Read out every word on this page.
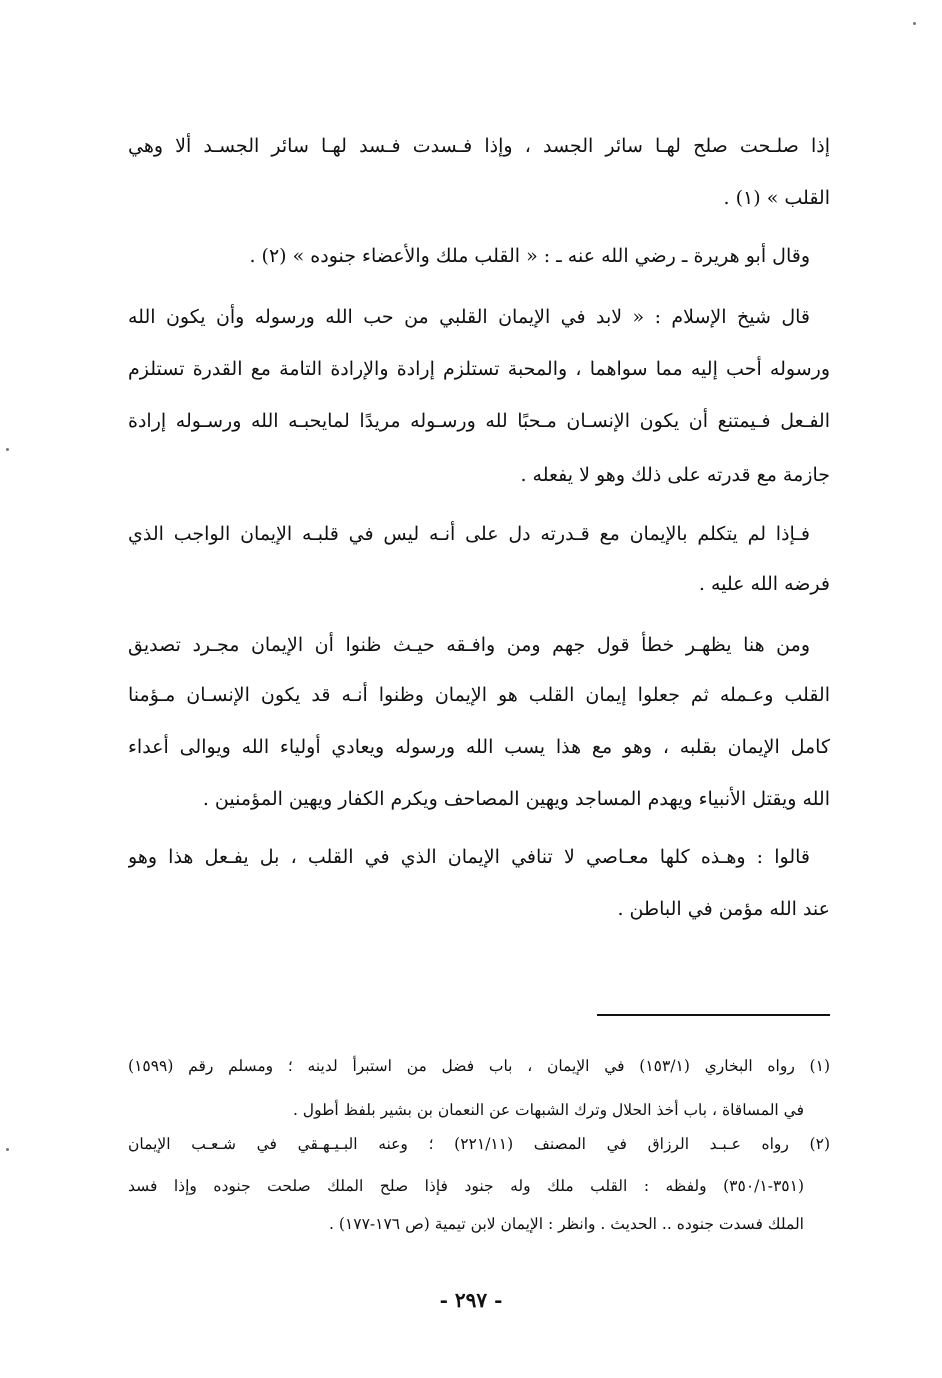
إذا صلـحت صلح لهـا سائر الجسد ، وإذا فـسدت فـسد لهـا سائر الجسـد ألا وهي
القلب » (١) .
وقال أبو هريرة ـ رضي الله عنه ـ : « القلب ملك والأعضاء جنوده » (٢) .
قال شيخ الإسلام : « لابد في الإيمان القلبي من حب الله ورسوله وأن يكون الله
ورسوله أحب إليه مما سواهما ، والمحبة تستلزم إرادة والإرادة التامة مع القدرة تستلزم
الفـعل فـيمتنع أن يكون الإنسـان مـحبًا لله ورسـوله مريدًا لمايحبـه الله ورسـوله إرادة
جازمة مع قدرته على ذلك وهو لا يفعله .
فـإذا لم يتكلم بالإيمان مع قـدرته دل على أنـه ليس في قلبـه الإيمان الواجب الذي
فرضه الله عليه .
ومن هنا يظهـر خطأ قول جهم ومن وافـقه حيـث ظنوا أن الإيمان مجـرد تصديق
القلب وعـمله ثم جعلوا إيمان القلب هو الإيمان وظنوا أنـه قد يكون الإنسـان مـؤمنا
كامل الإيمان بقلبه ، وهو مع هذا يسب الله ورسوله ويعادي أولياء الله ويوالى أعداء
الله ويقتل الأنبياء ويهدم المساجد ويهين المصاحف ويكرم الكفار ويهين المؤمنين .
قالوا : وهـذه كلها معـاصي لا تنافي الإيمان الذي في القلب ، بل يفـعل هذا وهو
عند الله مؤمن في الباطن .
(١) رواه البخاري (١٥٣/١) في الإيمان ، باب فضل من استبرأ لدينه ؛ ومسلم رقم (١٥٩٩)
في المساقاة ، باب أخذ الحلال وترك الشبهات عن النعمان بن بشير بلفظ أطول .
(٢) رواه عـبـد الرزاق في المصنف (٢٢١/١١) ؛ وعنه البـيـهـقي في شـعـب الإيمان
(٣٥١-٣٥٠/١) ولفظه : القلب ملك وله جنود فإذا صلح الملك صلحت جنوده وإذا فسد
الملك فسدت جنوده .. الحديث . وانظر : الإيمان لابن تيمية (ص ١٧٦-١٧٧) .
- ٢٩٧ -
